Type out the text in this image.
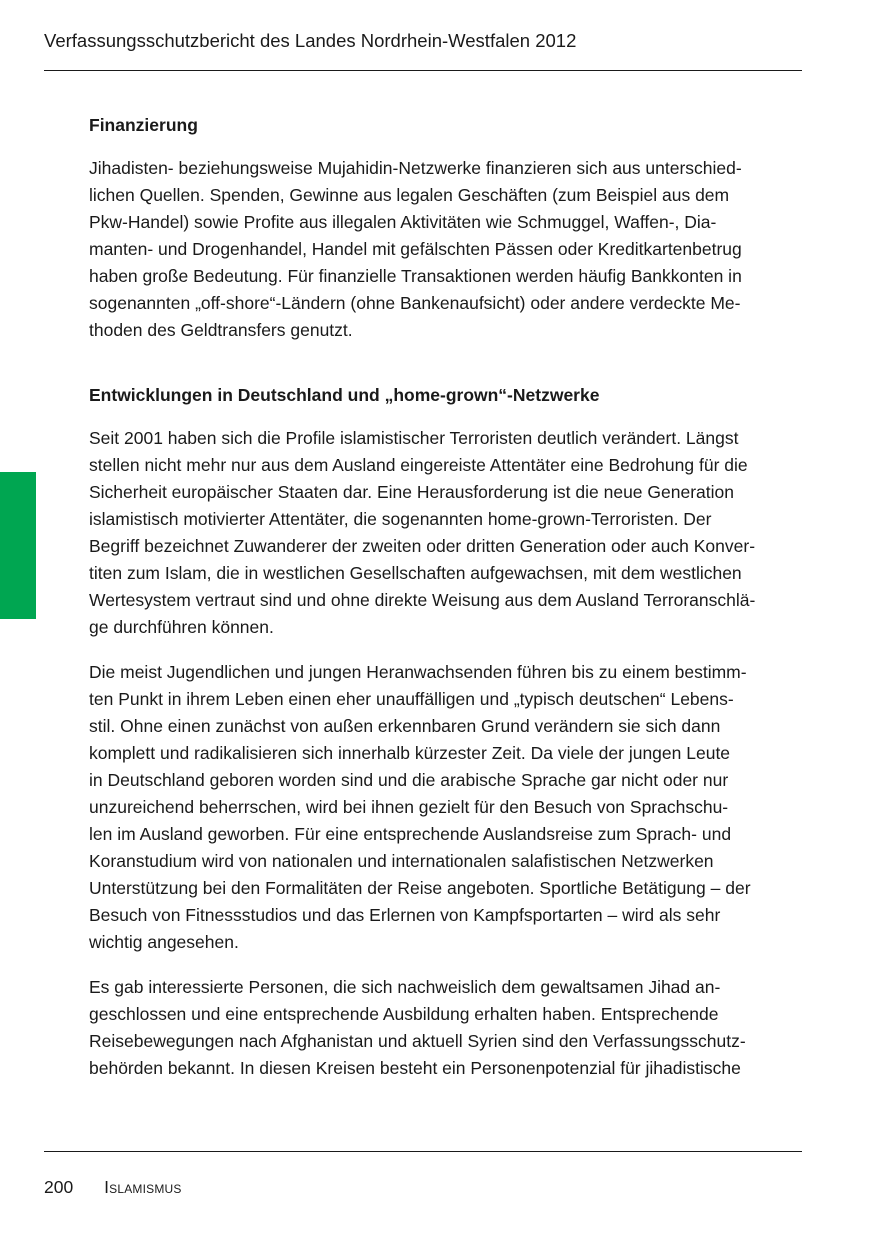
Verfassungsschutzbericht des Landes Nordrhein-Westfalen 2012
Finanzierung
Jihadisten- beziehungsweise Mujahidin-Netzwerke finanzieren sich aus unterschied-
lichen Quellen. Spenden, Gewinne aus legalen Geschäften (zum Beispiel aus dem
Pkw-Handel) sowie Profite aus illegalen Aktivitäten wie Schmuggel, Waffen-, Dia-
manten- und Drogenhandel, Handel mit gefälschten Pässen oder Kreditkartenbetrug
haben große Bedeutung. Für finanzielle Transaktionen werden häufig Bankkonten in
sogenannten „off-shore“-Ländern (ohne Bankenaufsicht) oder andere verdeckte Me-
thoden des Geldtransfers genutzt.
Entwicklungen in Deutschland und „home-grown“-Netzwerke
Seit 2001 haben sich die Profile islamistischer Terroristen deutlich verändert. Längst
stellen nicht mehr nur aus dem Ausland eingereiste Attentäter eine Bedrohung für die
Sicherheit europäischer Staaten dar. Eine Herausforderung ist die neue Generation
islamistisch motivierter Attentäter, die sogenannten home-grown-Terroristen. Der
Begriff bezeichnet Zuwanderer der zweiten oder dritten Generation oder auch Konver-
titen zum Islam, die in westlichen Gesellschaften aufgewachsen, mit dem westlichen
Wertesystem vertraut sind und ohne direkte Weisung aus dem Ausland Terroranschlä-
ge durchführen können.
Die meist Jugendlichen und jungen Heranwachsenden führen bis zu einem bestimm-
ten Punkt in ihrem Leben einen eher unauffälligen und „typisch deutschen“ Lebens-
stil. Ohne einen zunächst von außen erkennbaren Grund verändern sie sich dann
komplett und radikalisieren sich innerhalb kürzester Zeit. Da viele der jungen Leute
in Deutschland geboren worden sind und die arabische Sprache gar nicht oder nur
unzureichend beherrschen, wird bei ihnen gezielt für den Besuch von Sprachschu-
len im Ausland geworben. Für eine entsprechende Auslandsreise zum Sprach- und
Koranstudium wird von nationalen und internationalen salafistischen Netzwerken
Unterstützung bei den Formalitäten der Reise angeboten. Sportliche Betätigung – der
Besuch von Fitnessstudios und das Erlernen von Kampfsportarten – wird als sehr
wichtig angesehen.
Es gab interessierte Personen, die sich nachweislich dem gewaltsamen Jihad an-
geschlossen und eine entsprechende Ausbildung erhalten haben. Entsprechende
Reisebewegungen nach Afghanistan und aktuell Syrien sind den Verfassungsschutz-
behörden bekannt. In diesen Kreisen besteht ein Personenpotenzial für jihadistische
200 Islamismus
